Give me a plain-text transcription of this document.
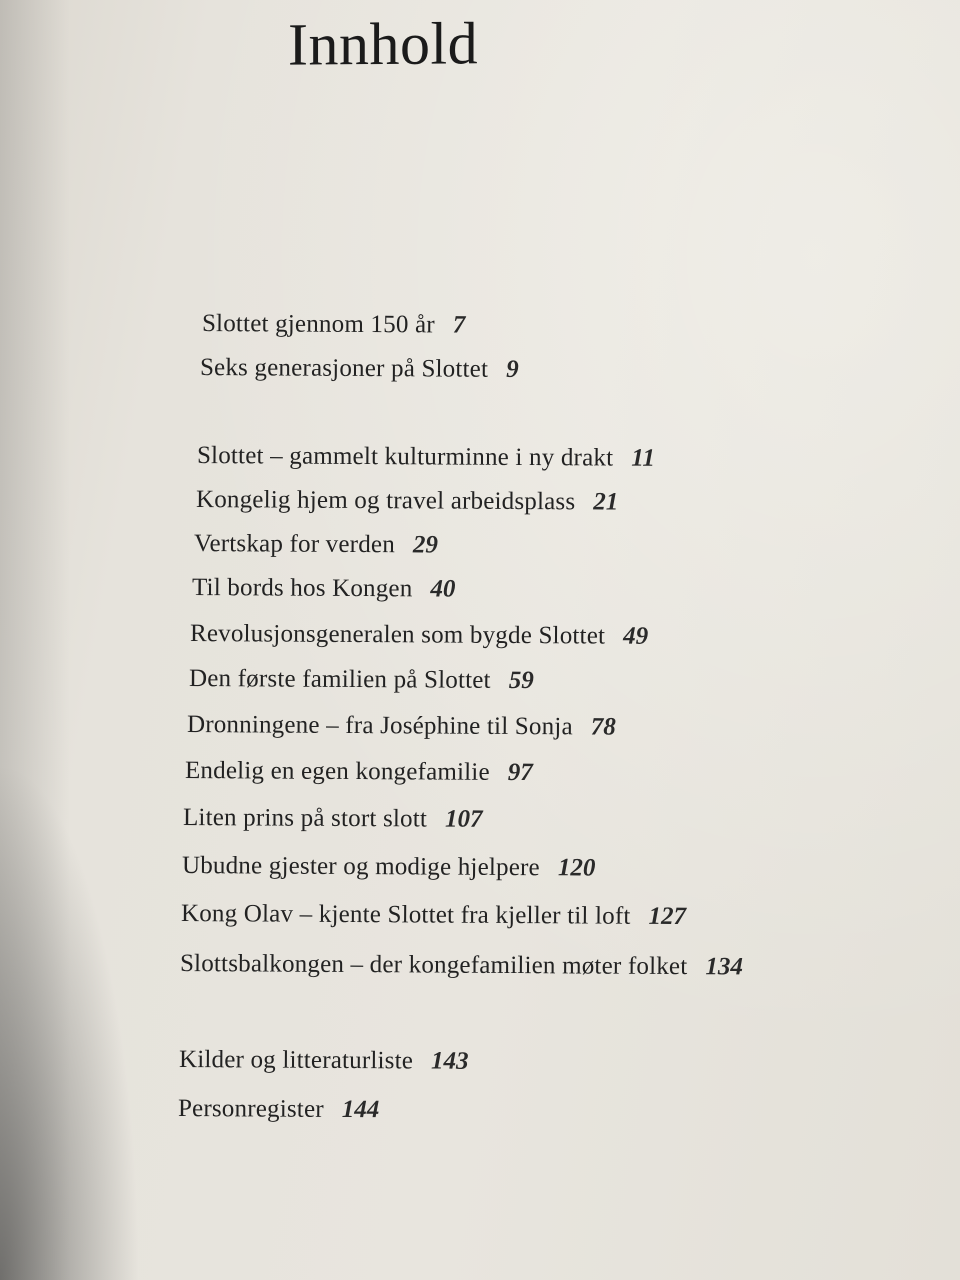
Innhold
Slottet gjennom 150 år 7
Seks generasjoner på Slottet 9
Slottet – gammelt kulturminne i ny drakt 11
Kongelig hjem og travel arbeidsplass 21
Vertskap for verden 29
Til bords hos Kongen 40
Revolusjonsgeneralen som bygde Slottet 49
Den første familien på Slottet 59
Dronningene – fra Joséphine til Sonja 78
Endelig en egen kongefamilie 97
Liten prins på stort slott 107
Ubudne gjester og modige hjelpere 120
Kong Olav – kjente Slottet fra kjeller til loft 127
Slottsbalkongen – der kongefamilien møter folket 134
Kilder og litteraturliste 143
Personregister 144
